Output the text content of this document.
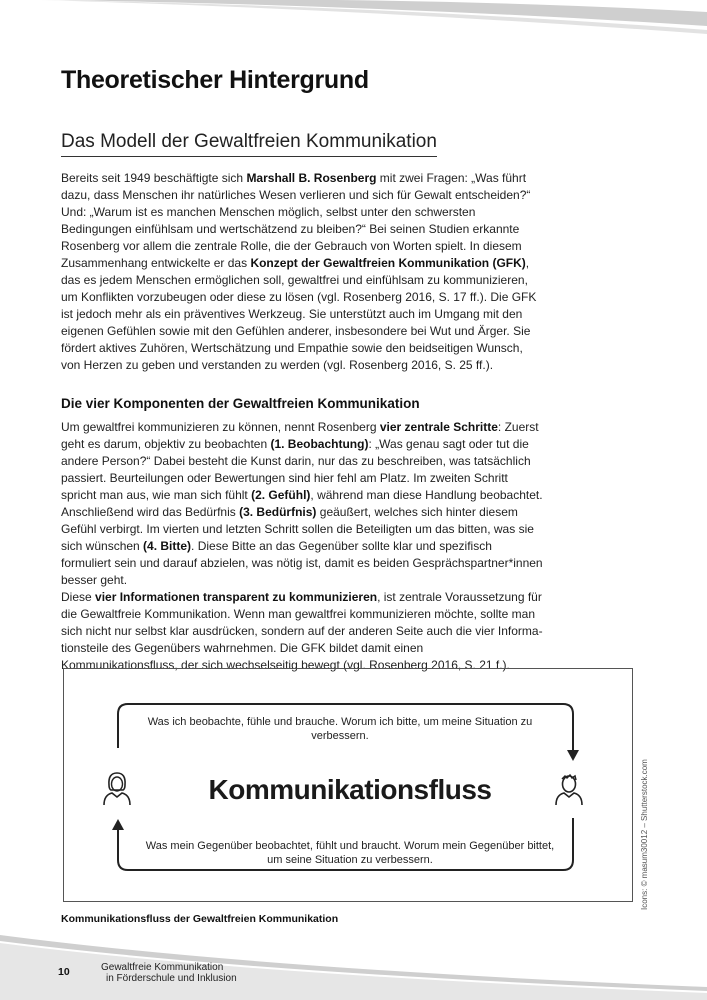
Theoretischer Hintergrund
Das Modell der Gewaltfreien Kommunikation

Bereits seit 1949 beschäftigte sich Marshall B. Rosenberg mit zwei Fragen: „Was führt dazu, dass Menschen ihr natürliches Wesen verlieren und sich für Gewalt entscheiden?“ Und: „Warum ist es manchen Menschen möglich, selbst unter den schwersten Bedingungen einfühlsam und wertschätzend zu bleiben?“ Bei seinen Studien erkannte Rosenberg vor allem die zentrale Rolle, die der Gebrauch von Worten spielt. In diesem Zusammenhang entwickelte er das Konzept der Gewaltfreien Kommunikation (GFK), das es jedem Menschen ermöglichen soll, gewaltfrei und einfühlsam zu kommunizieren, um Konflikten vorzubeugen oder diese zu lösen (vgl. Rosenberg 2016, S. 17 ff.). Die GFK ist jedoch mehr als ein präventives Werkzeug. Sie unterstützt auch im Umgang mit den eigenen Gefühlen sowie mit den Gefühlen anderer, insbesondere bei Wut und Ärger. Sie fördert aktives Zuhören, Wertschätzung und Empathie sowie den beidseitigen Wunsch, von Herzen zu geben und verstanden zu werden (vgl. Rosenberg 2016, S. 25 ff.).

Die vier Komponenten der Gewaltfreien Kommunikation

Um gewaltfrei kommunizieren zu können, nennt Rosenberg vier zentrale Schritte: Zuerst geht es darum, objektiv zu beobachten (1. Beobachtung): „Was genau sagt oder tut die andere Person?“ Dabei besteht die Kunst darin, nur das zu beschreiben, was tatsächlich passiert. Beurteilungen oder Bewertungen sind hier fehl am Platz. Im zweiten Schritt spricht man aus, wie man sich fühlt (2. Gefühl), während man diese Handlung beobachtet. Anschließend wird das Bedürfnis (3. Bedürfnis) geäußert, welches sich hinter diesem Gefühl verbirgt. Im vierten und letzten Schritt sollen die Beteiligten um das bitten, was sie sich wünschen (4. Bitte). Diese Bitte an das Gegenüber sollte klar und spezifisch formuliert sein und darauf abzielen, was nötig ist, damit es beiden Gesprächspartner*innen besser geht.
Diese vier Informationen transparent zu kommunizieren, ist zentrale Voraussetzung für die Gewaltfreie Kommunikation. Wenn man gewaltfrei kommunizieren möchte, sollte man sich nicht nur selbst klar ausdrücken, sondern auf der anderen Seite auch die vier Informationsteile des Gegenübers wahrnehmen. Die GFK bildet damit einen Kommunikationsfluss, der sich wechselseitig bewegt (vgl. Rosenberg 2016, S. 21 f.).

Was ich beobachte, fühle und brauche. Worum ich bitte, um meine Situation zu verbessern.

Kommunikationsfluss

Was mein Gegenüber beobachtet, fühlt und braucht. Worum mein Gegenüber bittet, um seine Situation zu verbessern.	Icons: © masum30012 – Shutterstock.com

Kommunikationsfluss der Gewaltfreien Kommunikation

10	Gewaltfreie Kommunikation
in Förderschule und Inklusion
